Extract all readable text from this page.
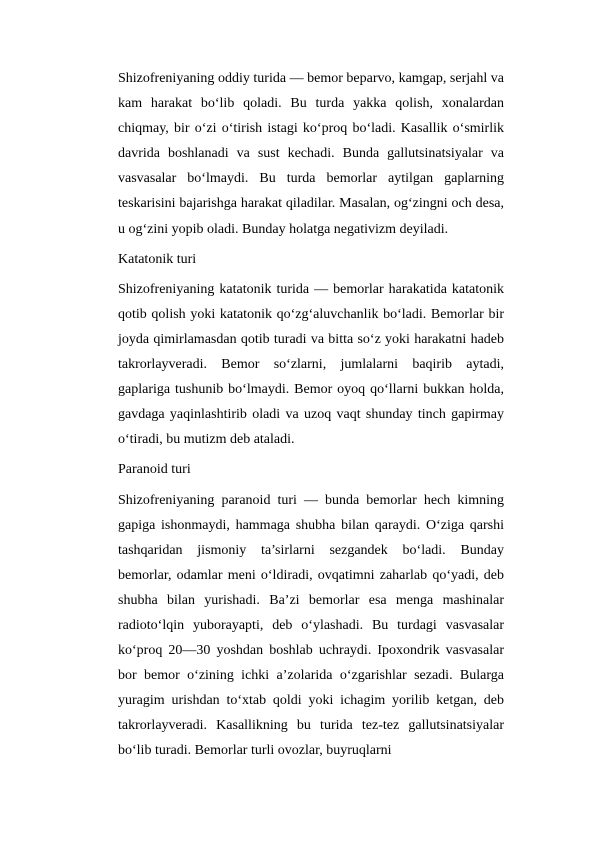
Shizofreniyaning oddiy turida — bemor beparvo, kamgap, serjahl va kam harakat bo‘lib qoladi. Bu turda yakka qolish, xonalardan chiqmay, bir o‘zi o‘tirish istagi ko‘proq bo‘ladi. Kasallik o‘smirlik davrida boshlanadi va sust kechadi. Bunda gallutsinatsiyalar va vasvasalar bo‘lmaydi. Bu turda bemorlar aytilgan gaplarning teskarisini bajarishga harakat qiladilar. Masalan, og‘zingni och desa, u og‘zini yopib oladi. Bunday holatga negativizm deyiladi.

Katatonik turi

Shizofreniyaning katatonik turida — bemorlar harakatida katatonik qotib qolish yoki katatonik qo‘zg‘aluvchanlik bo‘ladi. Bemorlar bir joyda qimirlamasdan qotib turadi va bitta so‘z yoki harakatni hadeb takrorlayveradi. Bemor so‘zlarni, jumlalarni baqirib aytadi, gaplariga tushunib bo‘lmaydi. Bemor oyoq qo‘llarni bukkan holda, gavdaga yaqinlashtirib oladi va uzoq vaqt shunday tinch gapirmay o‘tiradi, bu mutizm deb ataladi.

Paranoid turi

Shizofreniyaning paranoid turi — bunda bemorlar hech kimning gapiga ishonmaydi, hammaga shubha bilan qaraydi. O‘ziga qarshi tashqaridan jismoniy ta’sirlarni sezgandek bo‘ladi. Bunday bemorlar, odamlar meni o‘ldiradi, ovqatimni zaharlab qo‘yadi, deb shubha bilan yurishadi. Ba’zi bemorlar esa menga mashinalar radioto‘lqin yuborayapti, deb o‘ylashadi. Bu turdagi vasvasalar ko‘proq 20—30 yoshdan boshlab uchraydi. Ipoxondrik vasvasalar bor bemor o‘zining ichki a’zolarida o‘zgarishlar sezadi. Bularga yuragim urishdan to‘xtab qoldi yoki ichagim yorilib ketgan, deb takrorlayveradi. Kasallikning bu turida tez-tez gallutsinatsiyalar bo‘lib turadi. Bemorlar turli ovozlar, buyruqlarni
